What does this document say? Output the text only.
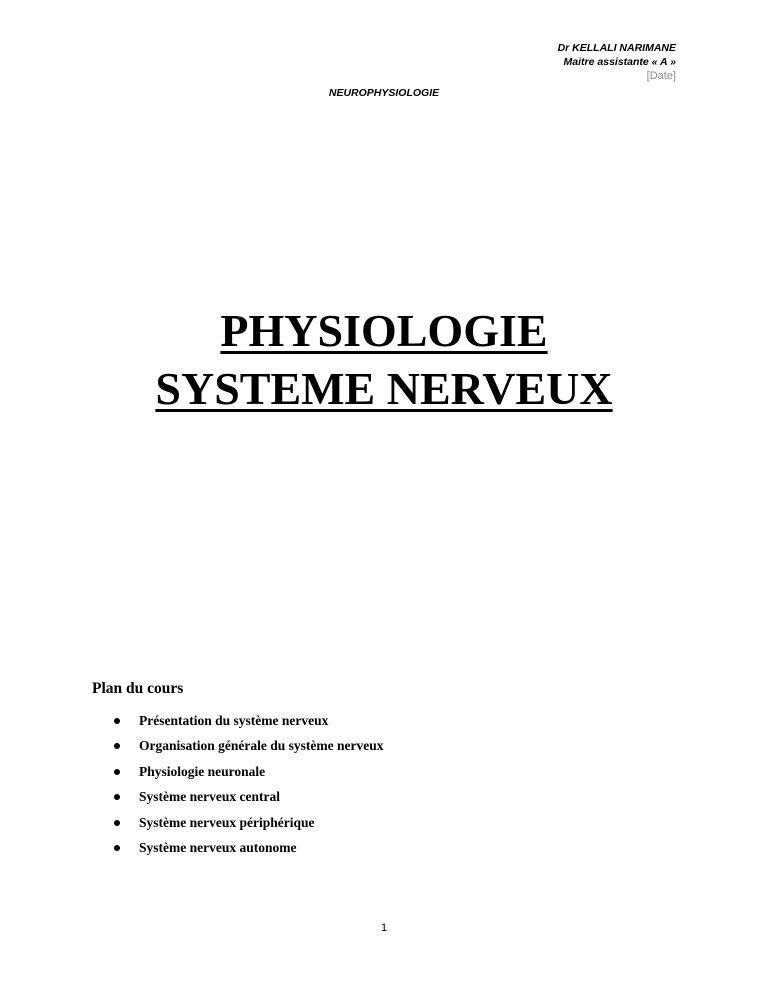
Dr KELLALI NARIMANE
Maitre assistante « A »
[Date]
NEUROPHYSIOLOGIE
PHYSIOLOGIE
SYSTEME NERVEUX
Plan du cours
Présentation du système nerveux
Organisation générale du système nerveux
Physiologie neuronale
Système nerveux central
Système nerveux périphérique
Système nerveux autonome
1
